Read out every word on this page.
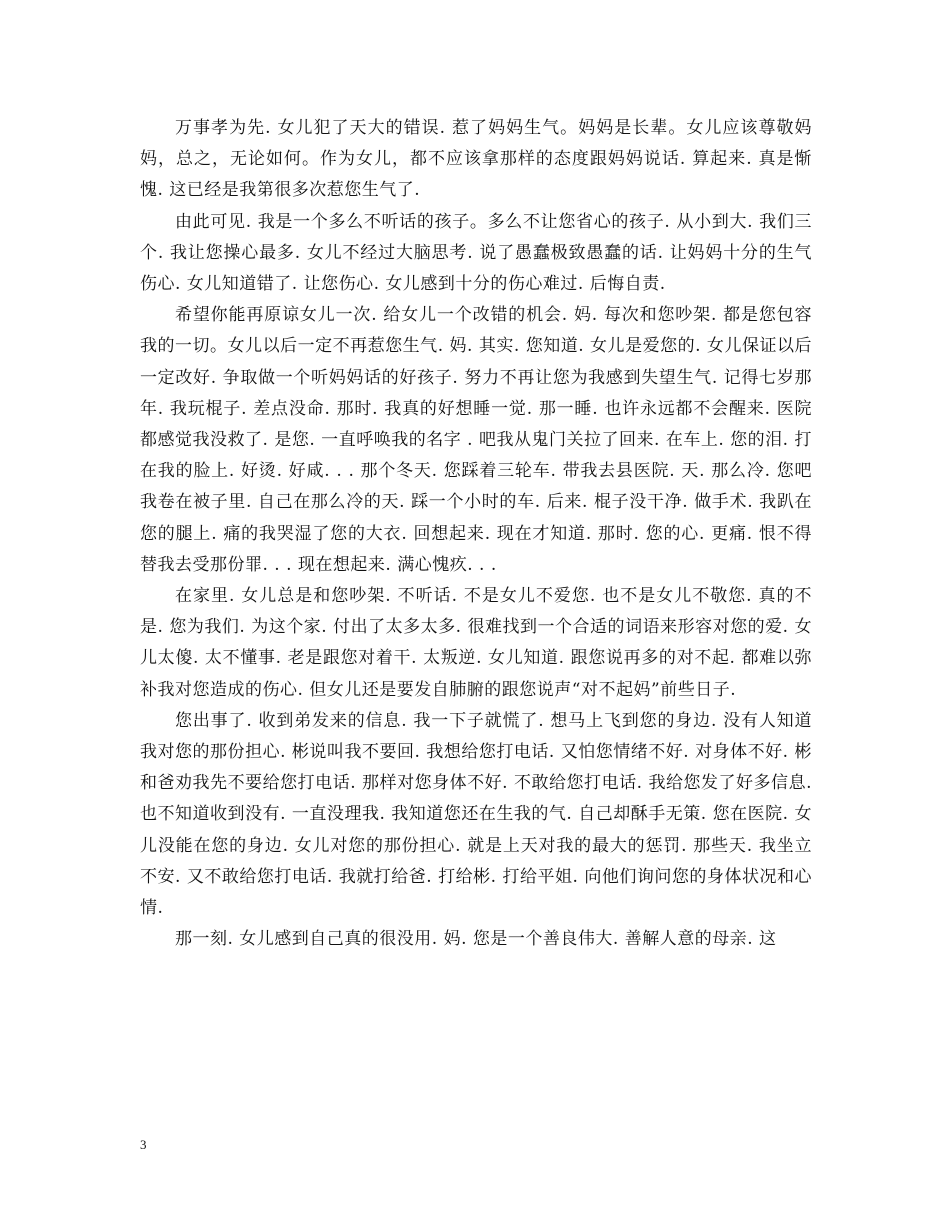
万事孝为先. 女儿犯了天大的错误. 惹了妈妈生气。妈妈是长辈。女儿应该尊敬妈妈，总之，无论如何。作为女儿，都不应该拿那样的态度跟妈妈说话. 算起来. 真是惭愧. 这已经是我第很多次惹您生气了.

由此可见. 我是一个多么不听话的孩子。多么不让您省心的孩子. 从小到大. 我们三个. 我让您操心最多. 女儿不经过大脑思考. 说了愚蠢极致愚蠢的话. 让妈妈十分的生气伤心. 女儿知道错了. 让您伤心. 女儿感到十分的伤心难过. 后悔自责.

希望你能再原谅女儿一次. 给女儿一个改错的机会. 妈. 每次和您吵架. 都是您包容我的一切。女儿以后一定不再惹您生气. 妈. 其实. 您知道. 女儿是爱您的. 女儿保证以后一定改好. 争取做一个听妈妈话的好孩子. 努力不再让您为我感到失望生气. 记得七岁那年. 我玩棍子. 差点没命. 那时. 我真的好想睡一觉. 那一睡. 也许永远都不会醒来. 医院都感觉我没救了. 是您. 一直呼唤我的名字 . 吧我从鬼门关拉了回来. 在车上. 您的泪. 打在我的脸上. 好烫. 好咸. . . 那个冬天. 您踩着三轮车. 带我去县医院. 天. 那么冷. 您吧我卷在被子里. 自己在那么冷的天. 踩一个小时的车. 后来. 棍子没干净. 做手术. 我趴在您的腿上. 痛的我哭湿了您的大衣. 回想起来. 现在才知道. 那时. 您的心. 更痛. 恨不得替我去受那份罪. . . 现在想起来. 满心愧疚. . .

在家里. 女儿总是和您吵架. 不听话. 不是女儿不爱您. 也不是女儿不敬您. 真的不是. 您为我们. 为这个家. 付出了太多太多. 很难找到一个合适的词语来形容对您的爱. 女儿太傻. 太不懂事. 老是跟您对着干. 太叛逆. 女儿知道. 跟您说再多的对不起. 都难以弥补我对您造成的伤心. 但女儿还是要发自肺腑的跟您说声“对不起妈”前些日子.

您出事了. 收到弟发来的信息. 我一下子就慌了. 想马上飞到您的身边. 没有人知道我对您的那份担心. 彬说叫我不要回. 我想给您打电话. 又怕您情绪不好. 对身体不好. 彬和爸劝我先不要给您打电话. 那样对您身体不好. 不敢给您打电话. 我给您发了好多信息. 也不知道收到没有. 一直没理我. 我知道您还在生我的气. 自己却酥手无策. 您在医院. 女儿没能在您的身边. 女儿对您的那份担心. 就是上天对我的最大的惩罚. 那些天. 我坐立不安. 又不敢给您打电话. 我就打给爸. 打给彬. 打给平姐. 向他们询问您的身体状况和心情.

那一刻. 女儿感到自己真的很没用. 妈. 您是一个善良伟大. 善解人意的母亲. 这

3
